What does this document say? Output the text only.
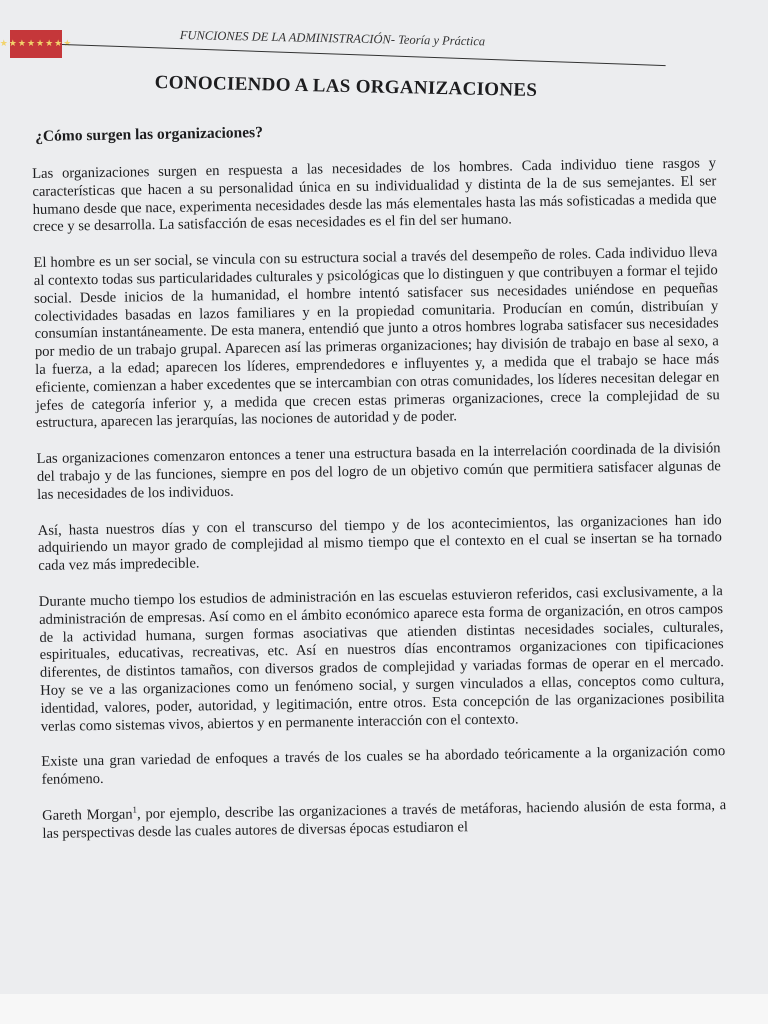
★★★★★★★★	FUNCIONES DE LA ADMINISTRACIÓN- Teoría y Práctica
CONOCIENDO A LAS ORGANIZACIONES
¿Cómo surgen las organizaciones?

Las organizaciones surgen en respuesta a las necesidades de los hombres. Cada individuo tiene rasgos y características que hacen a su personalidad única en su individualidad y distinta de la de sus semejantes. El ser humano desde que nace, experimenta necesidades desde las más elementales hasta las más sofisticadas a medida que crece y se desarrolla. La satisfacción de esas necesidades es el fin del ser humano.

El hombre es un ser social, se vincula con su estructura social a través del desempeño de roles. Cada individuo lleva al contexto todas sus particularidades culturales y psicológicas que lo distinguen y que contribuyen a formar el tejido social. Desde inicios de la humanidad, el hombre intentó satisfacer sus necesidades uniéndose en pequeñas colectividades basadas en lazos familiares y en la propiedad comunitaria. Producían en común, distribuían y consumían instantáneamente. De esta manera, entendió que junto a otros hombres lograba satisfacer sus necesidades por medio de un trabajo grupal. Aparecen así las primeras organizaciones; hay división de trabajo en base al sexo, a la fuerza, a la edad; aparecen los líderes, emprendedores e influyentes y, a medida que el trabajo se hace más eficiente, comienzan a haber excedentes que se intercambian con otras comunidades, los líderes necesitan delegar en jefes de categoría inferior y, a medida que crecen estas primeras organizaciones, crece la complejidad de su estructura, aparecen las jerarquías, las nociones de autoridad y de poder.

Las organizaciones comenzaron entonces a tener una estructura basada en la interrelación coordinada de la división del trabajo y de las funciones, siempre en pos del logro de un objetivo común que permitiera satisfacer algunas de las necesidades de los individuos.

Así, hasta nuestros días y con el transcurso del tiempo y de los acontecimientos, las organizaciones han ido adquiriendo un mayor grado de complejidad al mismo tiempo que el contexto en el cual se insertan se ha tornado cada vez más impredecible.

Durante mucho tiempo los estudios de administración en las escuelas estuvieron referidos, casi exclusivamente, a la administración de empresas. Así como en el ámbito económico aparece esta forma de organización, en otros campos de la actividad humana, surgen formas asociativas que atienden distintas necesidades sociales, culturales, espirituales, educativas, recreativas, etc. Así en nuestros días encontramos organizaciones con tipificaciones diferentes, de distintos tamaños, con diversos grados de complejidad y variadas formas de operar en el mercado. Hoy se ve a las organizaciones como un fenómeno social, y surgen vinculados a ellas, conceptos como cultura, identidad, valores, poder, autoridad, y legitimación, entre otros. Esta concepción de las organizaciones posibilita verlas como sistemas vivos, abiertos y en permanente interacción con el contexto.

Existe una gran variedad de enfoques a través de los cuales se ha abordado teóricamente a la organización como fenómeno.

Gareth Morgan$^1$, por ejemplo, describe las organizaciones a través de metáforas, haciendo alusión de esta forma, a las perspectivas desde las cuales autores de diversas épocas estudiaron el
